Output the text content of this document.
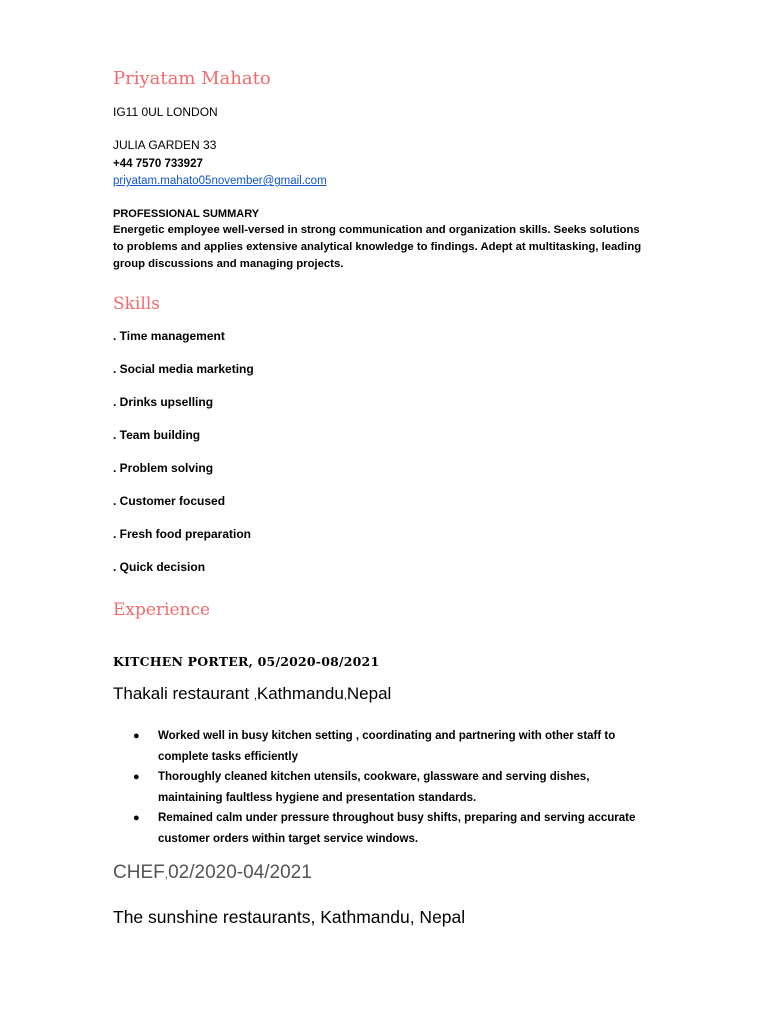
Priyatam Mahato
IG11 0UL LONDON
JULIA GARDEN 33
+44 7570 733927
priyatam.mahato05november@gmail.com
PROFESSIONAL SUMMARY
Energetic employee well-versed in strong communication and organization skills. Seeks solutions to problems and applies extensive analytical knowledge to findings. Adept at multitasking, leading group discussions and managing projects.
Skills
. Time management
. Social media marketing
. Drinks upselling
. Team building
. Problem solving
. Customer focused
. Fresh food preparation
. Quick decision
Experience
KITCHEN PORTER, 05/2020-08/2021
Thakali restaurant ,Kathmandu,Nepal
● Worked well in busy kitchen setting , coordinating and partnering with other staff to complete tasks efficiently
● Thoroughly cleaned kitchen utensils, cookware, glassware and serving dishes, maintaining faultless hygiene and presentation standards.
● Remained calm under pressure throughout busy shifts, preparing and serving accurate customer orders within target service windows.
CHEF,02/2020-04/2021
The sunshine restaurants, Kathmandu, Nepal
